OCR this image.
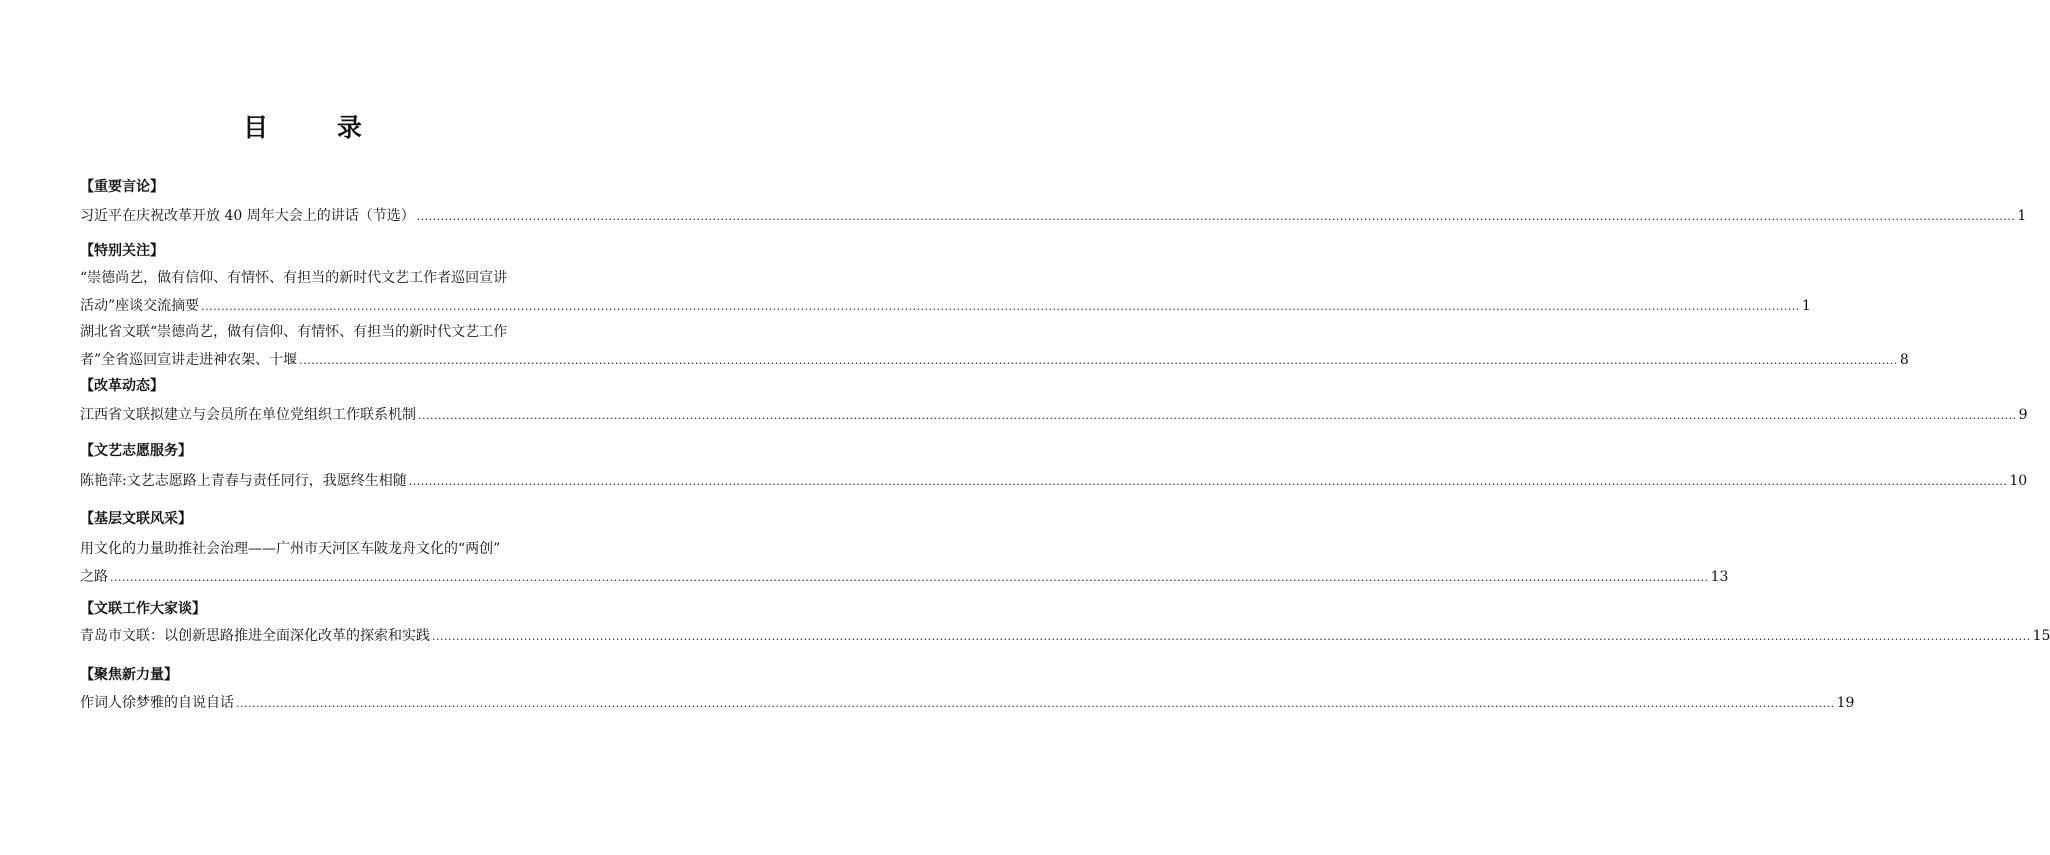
目 录
【重要言论】
习近平在庆祝改革开放 40 周年大会上的讲话（节选） ................................................................................................................................................................................................................................................................................................................................................................................................................ 1
【特别关注】
“崇德尚艺，做有信仰、有情怀、有担当的新时代文艺工作者巡回宣讲
活动”座谈交流摘要 ................................................................................................................................................................................................................................................................................................................................................................................................................ 1
湖北省文联“崇德尚艺，做有信仰、有情怀、有担当的新时代文艺工作
者”全省巡回宣讲走进神农架、十堰 ................................................................................................................................................................................................................................................................................................................................................................................................................ 8
【改革动态】
江西省文联拟建立与会员所在单位党组织工作联系机制 ................................................................................................................................................................................................................................................................................................................................................................................................................ 9
【文艺志愿服务】
陈艳萍:文艺志愿路上青春与责任同行，我愿终生相随 ................................................................................................................................................................................................................................................................................................................................................................................................................ 10
【基层文联风采】
用文化的力量助推社会治理——广州市天河区车陂龙舟文化的“两创”
之路 ................................................................................................................................................................................................................................................................................................................................................................................................................ 13
【文联工作大家谈】
青岛市文联：以创新思路推进全面深化改革的探索和实践 ................................................................................................................................................................................................................................................................................................................................................................................................................ 15
【聚焦新力量】
作词人徐梦雅的自说自话 ................................................................................................................................................................................................................................................................................................................................................................................................................ 19
